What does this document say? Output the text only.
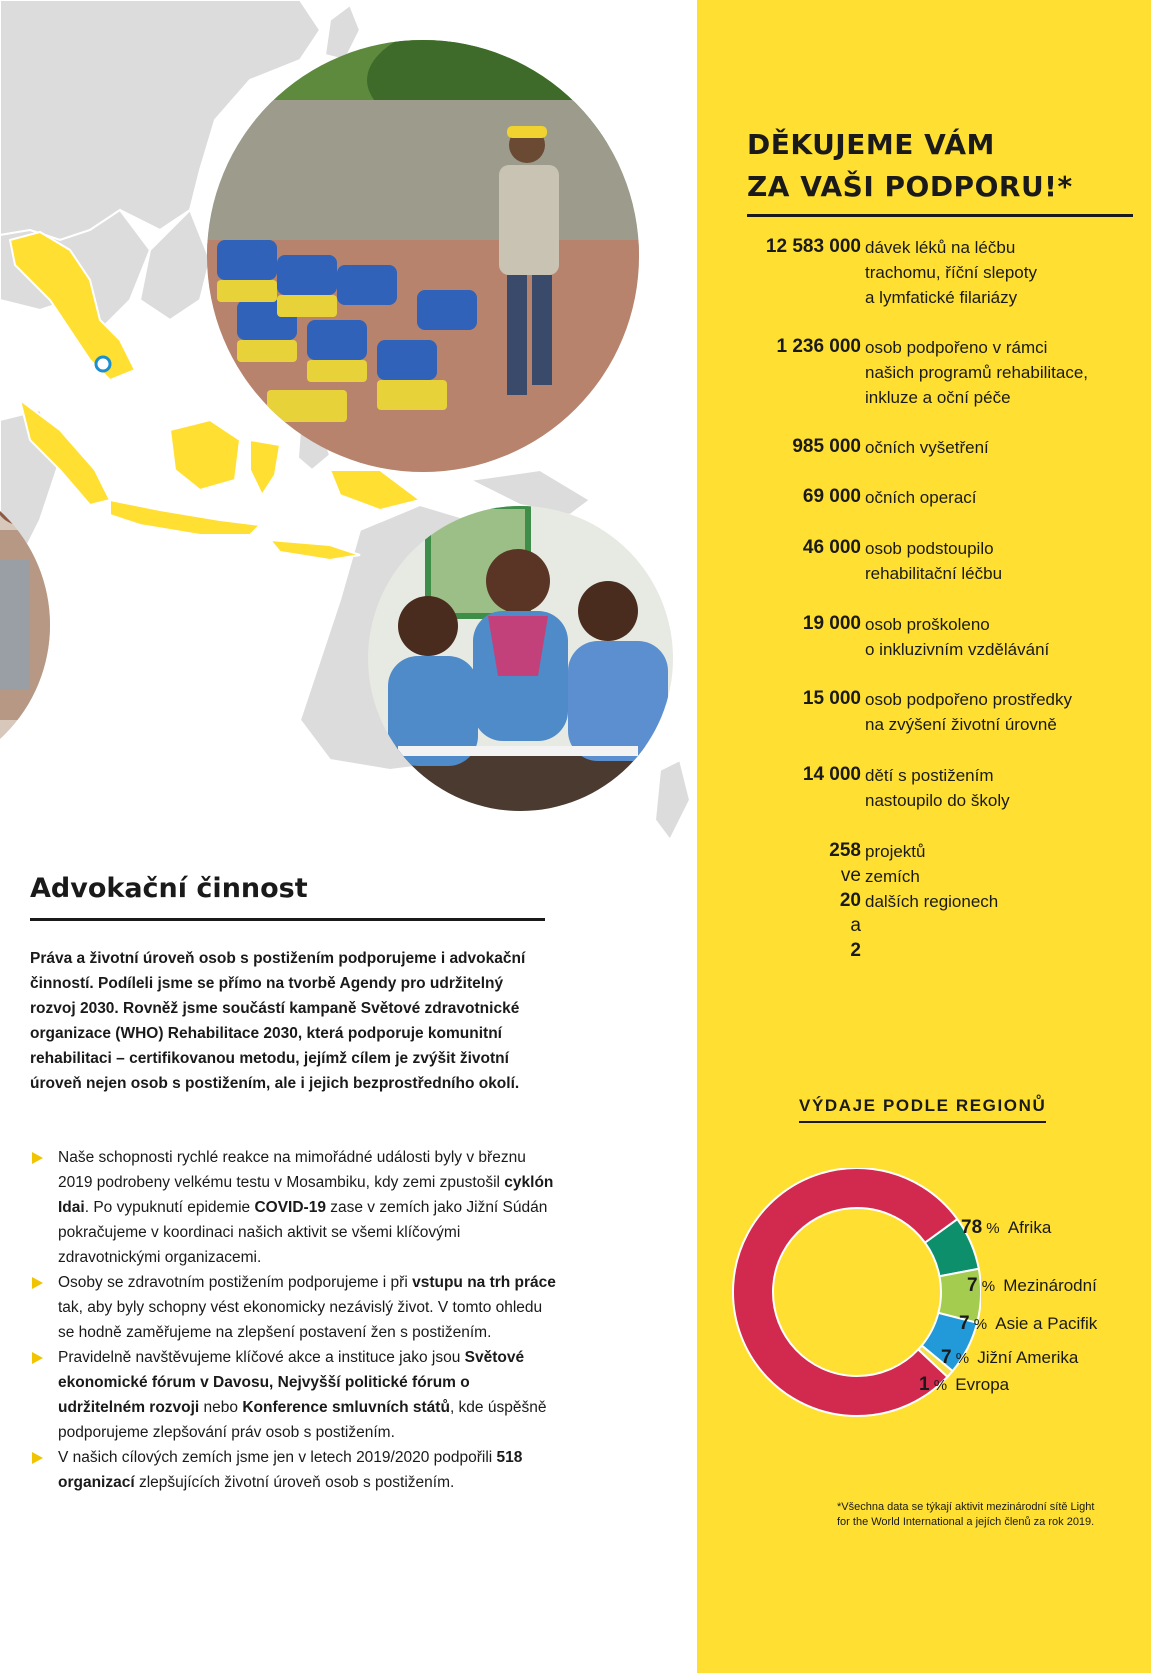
Advokační činnost
Práva a životní úroveň osob s postižením podporujeme i advokační činností. Podíleli jsme se přímo na tvorbě Agendy pro udržitelný rozvoj 2030. Rovněž jsme součástí kampaně Světové zdravotnické organizace (WHO) Rehabilitace 2030, která podporuje komunitní rehabilitaci – certifikovanou metodu, jejímž cílem je zvýšit životní úroveň nejen osob s postižením, ale i jejich bezprostředního okolí.
Naše schopnosti rychlé reakce na mimořádné události byly v březnu 2019 podrobeny velkému testu v Mosambiku, kdy zemi zpustošil cyklón Idai. Po vypuknutí epidemie COVID-19 zase v zemích jako Jižní Súdán pokračujeme v koordinaci našich aktivit se všemi klíčovými zdravotnickými organizacemi.
Osoby se zdravotním postižením podporujeme i při vstupu na trh práce tak, aby byly schopny vést ekonomicky nezávislý život. V tomto ohledu se hodně zaměřujeme na zlepšení postavení žen s postižením.
Pravidelně navštěvujeme klíčové akce a instituce jako jsou Světové ekonomické fórum v Davosu, Nejvyšší politické fórum o udržitelném rozvoji nebo Konference smluvních států, kde úspěšně podporujeme zlepšování práv osob s postižením.
V našich cílových zemích jsme jen v letech 2019/2020 podpořili 518 organizací zlepšujících životní úroveň osob s postižením.
DĚKUJEME VÁM
ZA VAŠI PODPORU!*
12 583 000 dávek léků na léčbu
trachomu, říční slepoty
a lymfatické filariázy
1 236 000 osob podpořeno v rámci
našich programů rehabilitace,
inkluze a oční péče
985 000 očních vyšetření
69 000 očních operací
46 000 osob podstoupilo
rehabilitační léčbu
19 000 osob proškoleno
o inkluzivním vzdělávání
15 000 osob podpořeno prostředky
na zvýšení životní úrovně
14 000 dětí s postižením
nastoupilo do školy
258
ve
20
a
2
projektů
zemích
dalších regionech
VÝDAJE PODLE REGIONŮ
78 % Afrika
7 % Mezinárodní
7 % Asie a Pacifik
7 % Jižní Amerika
1 % Evropa
*Všechna data se týkají aktivit mezinárodní sítě Light
for the World International a jejích členů za rok 2019.
